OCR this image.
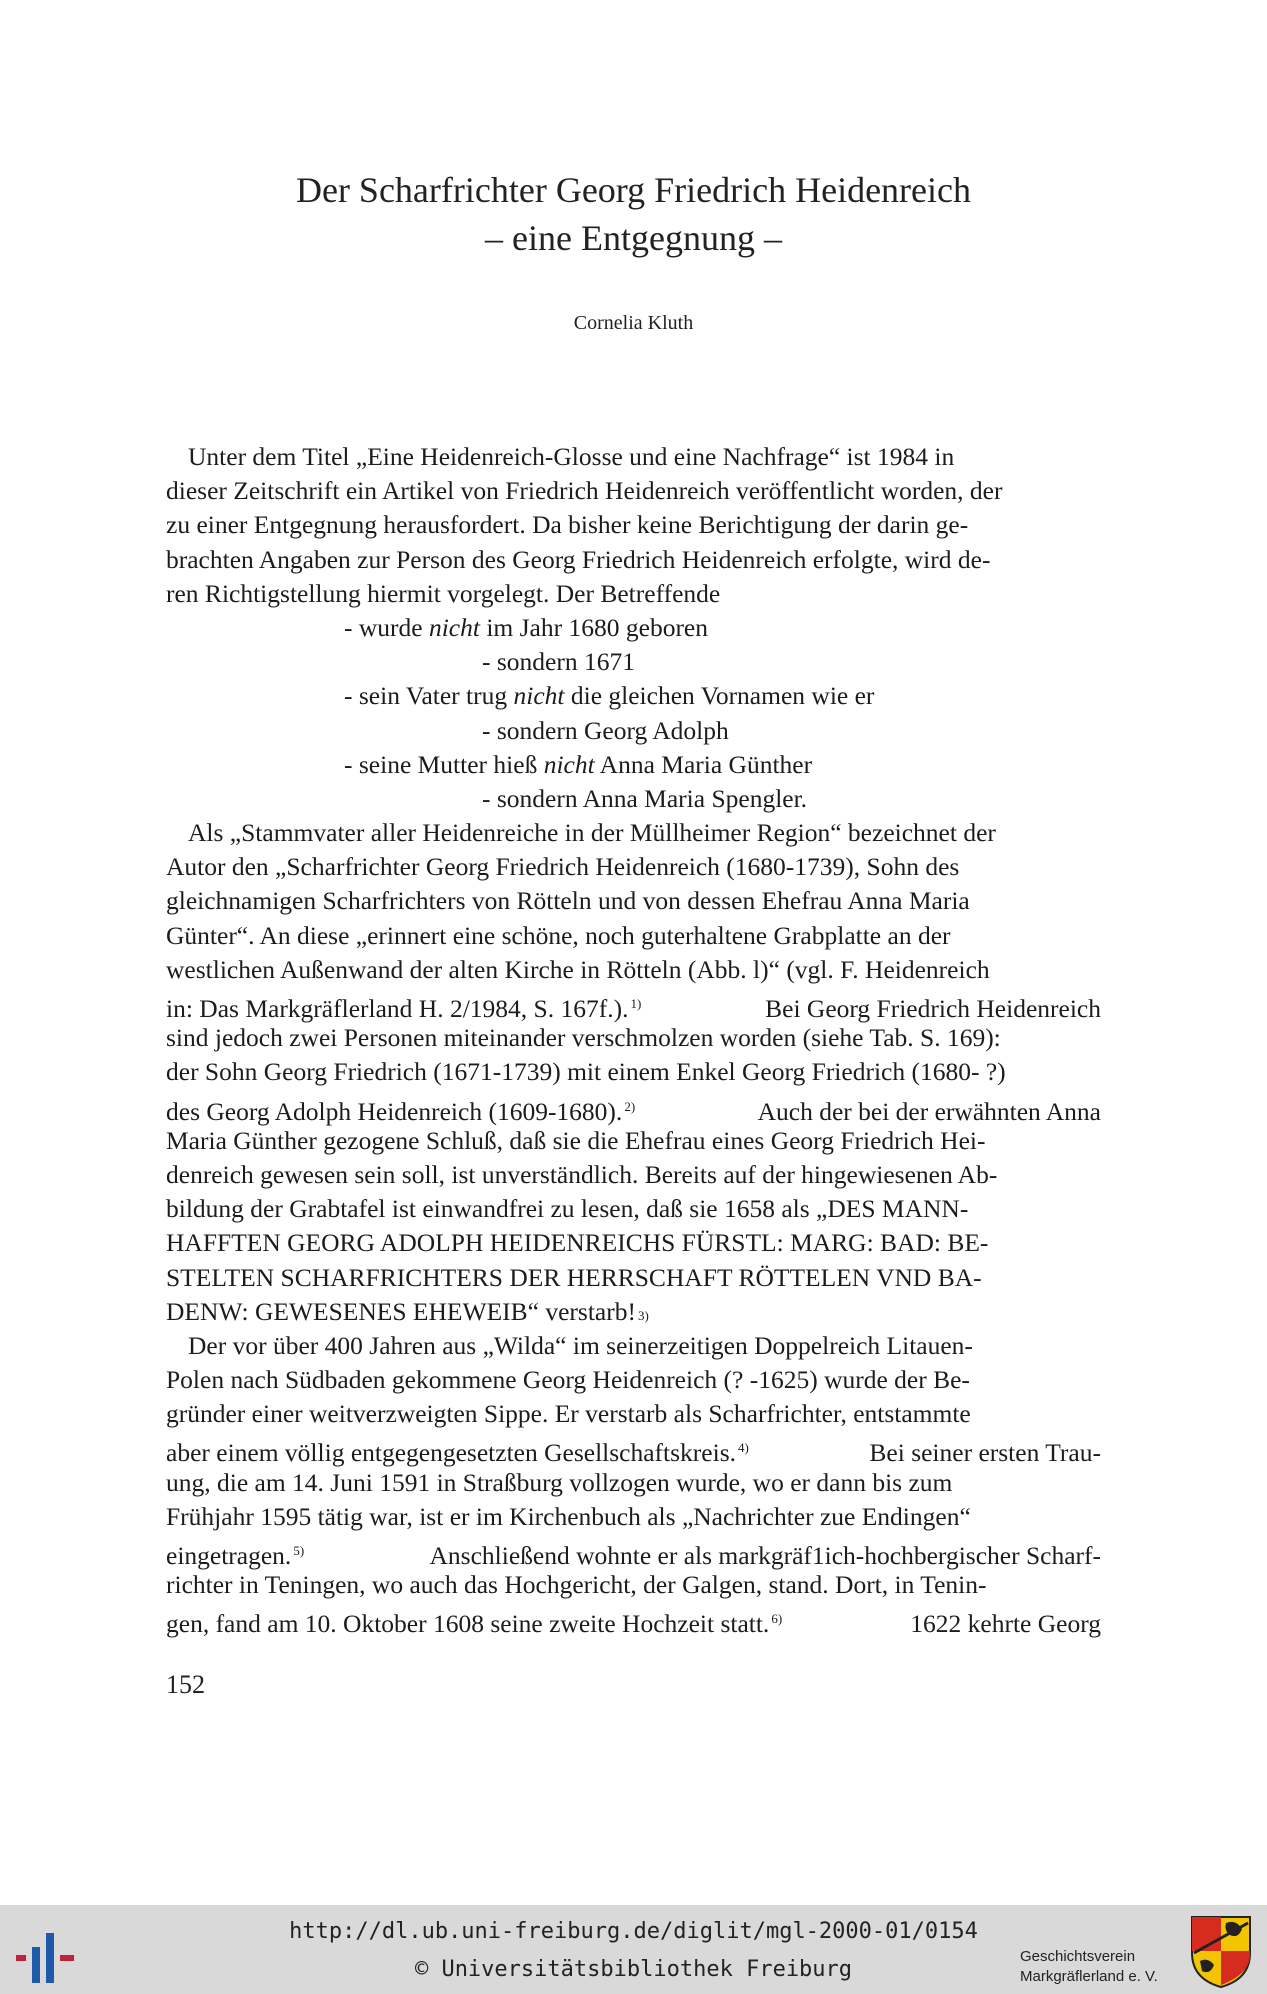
Der Scharfrichter Georg Friedrich Heidenreich
– eine Entgegnung –
Cornelia Kluth
Unter dem Titel „Eine Heidenreich-Glosse und eine Nachfrage“ ist 1984 in
dieser Zeitschrift ein Artikel von Friedrich Heidenreich veröffentlicht worden, der
zu einer Entgegnung herausfordert. Da bisher keine Berichtigung der darin ge-
brachten Angaben zur Person des Georg Friedrich Heidenreich erfolgte, wird de-
ren Richtigstellung hiermit vorgelegt. Der Betreffende
- wurde nicht im Jahr 1680 geboren
- sondern 1671
- sein Vater trug nicht die gleichen Vornamen wie er
- sondern Georg Adolph
- seine Mutter hieß nicht Anna Maria Günther
- sondern Anna Maria Spengler.
Als „Stammvater aller Heidenreiche in der Müllheimer Region“ bezeichnet der
Autor den „Scharfrichter Georg Friedrich Heidenreich (1680-1739), Sohn des
gleichnamigen Scharfrichters von Rötteln und von dessen Ehefrau Anna Maria
Günter“. An diese „erinnert eine schöne, noch guterhaltene Grabplatte an der
westlichen Außenwand der alten Kirche in Rötteln (Abb. l)“ (vgl. F. Heidenreich
in: Das Markgräflerland H. 2/1984, S. 167f.). $^{1)}$	Bei Georg Friedrich Heidenreich
sind jedoch zwei Personen miteinander verschmolzen worden (siehe Tab. S. 169):
der Sohn Georg Friedrich (1671-1739) mit einem Enkel Georg Friedrich (1680- ?)
des Georg Adolph Heidenreich (1609-1680). $^{2)}$	Auch der bei der erwähnten Anna
Maria Günther gezogene Schluß, daß sie die Ehefrau eines Georg Friedrich Hei-
denreich gewesen sein soll, ist unverständlich. Bereits auf der hingewiesenen Ab-
bildung der Grabtafel ist einwandfrei zu lesen, daß sie 1658 als „DES MANN-
HAFFTEN GEORG ADOLPH HEIDENREICHS FÜRSTL: MARG: BAD: BE-
STELTEN SCHARFRICHTERS DER HERRSCHAFT RÖTTELEN VND BA-
DENW: GEWESENES EHEWEIB“ verstarb! 3)
Der vor über 400 Jahren aus „Wilda“ im seinerzeitigen Doppelreich Litauen-
Polen nach Südbaden gekommene Georg Heidenreich (? -1625) wurde der Be-
gründer einer weitverzweigten Sippe. Er verstarb als Scharfrichter, entstammte
aber einem völlig entgegengesetzten Gesellschaftskreis. $^{4)}$	Bei seiner ersten Trau-
ung, die am 14. Juni 1591 in Straßburg vollzogen wurde, wo er dann bis zum
Frühjahr 1595 tätig war, ist er im Kirchenbuch als „Nachrichter zue Endingen“
eingetragen. $^{5)}$	Anschließend wohnte er als markgräf1ich-hochbergischer Scharf-
richter in Teningen, wo auch das Hochgericht, der Galgen, stand. Dort, in Tenin-
gen, fand am 10. Oktober 1608 seine zweite Hochzeit statt. $^{6)}$	1622 kehrte Georg
152
http://dl.ub.uni-freiburg.de/diglit/mgl-2000-01/0154
© Universitätsbibliothek Freiburg
Geschichtsverein
Markgräflerland e. V.
